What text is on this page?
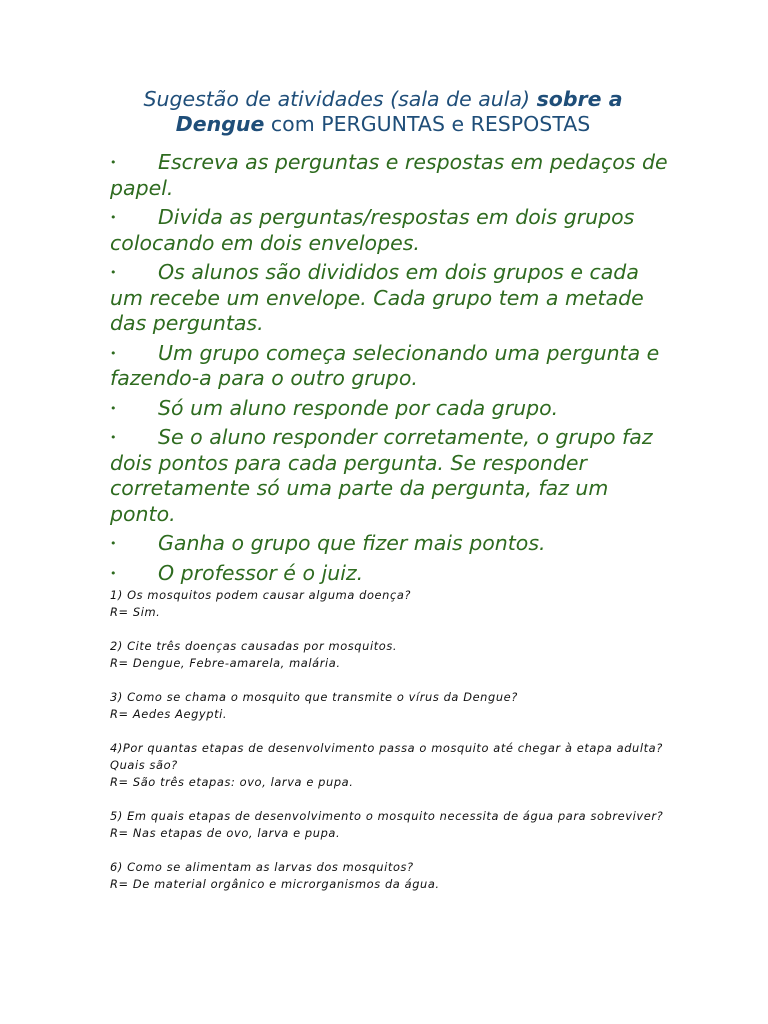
Sugestão de atividades (sala de aula) sobre a
Dengue com PERGUNTAS e RESPOSTAS
• Escreva as perguntas e respostas em pedaços de papel.
• Divida as perguntas/respostas em dois grupos colocando em dois envelopes.
• Os alunos são divididos em dois grupos e cada um recebe um envelope. Cada grupo tem a metade das perguntas.
• Um grupo começa selecionando uma pergunta e fazendo-a para o outro grupo.
• Só um aluno responde por cada grupo.
• Se o aluno responder corretamente, o grupo faz dois pontos para cada pergunta. Se responder corretamente só uma parte da pergunta, faz um ponto.
• Ganha o grupo que fizer mais pontos.
• O professor é o juiz.
1) Os mosquitos podem causar alguma doença?
R= Sim.
2) Cite três doenças causadas por mosquitos.
R= Dengue, Febre-amarela, malária.
3) Como se chama o mosquito que transmite o vírus da Dengue?
R= Aedes Aegypti.
4)Por quantas etapas de desenvolvimento passa o mosquito até chegar à etapa adulta? Quais são?
R= São três etapas: ovo, larva e pupa.
5) Em quais etapas de desenvolvimento o mosquito necessita de água para sobreviver?
R= Nas etapas de ovo, larva e pupa.
6) Como se alimentam as larvas dos mosquitos?
R= De material orgânico e microrganismos da água.
